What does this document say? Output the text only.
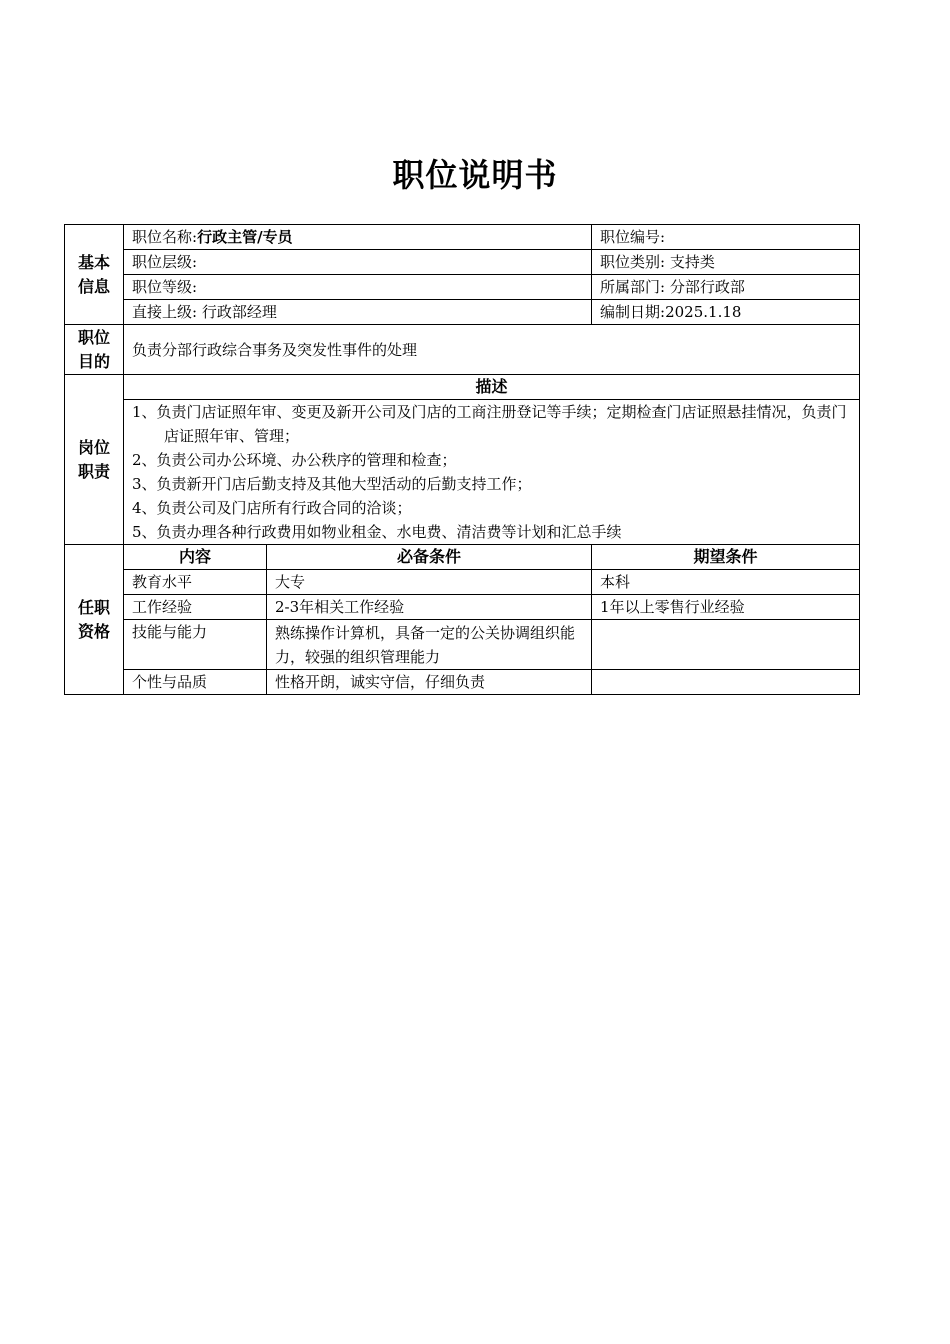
职位说明书
基本
信息	职位名称:行政主管/专员		职位编号:
	职位层级:		职位类别: 支持类
	职位等级:		所属部门: 分部行政部
	直接上级: 行政部经理		编制日期:2025.1.18

职位
目的	负责分部行政综合事务及突发性事件的处理		

岗位
职责	描述		

	1、负责门店证照年审、变更及新开公司及门店的工商注册登记等手续；定期检查门店证照悬挂情况，负责门店证照年审、管理；
2、负责公司办公环境、办公秩序的管理和检查；
3、负责新开门店后勤支持及其他大型活动的后勤支持工作；
4、负责公司及门店所有行政合同的洽谈；
5、负责办理各种行政费用如物业租金、水电费、清洁费等计划和汇总手续		

任职
资格	内容	必备条件	期望条件
	教育水平	大专	本科
	工作经验	2-3年相关工作经验	1年以上零售行业经验
	技能与能力	熟练操作计算机，具备一定的公关协调组织能力，较强的组织管理能力	
	个性与品质	性格开朗，诚实守信，仔细负责	
